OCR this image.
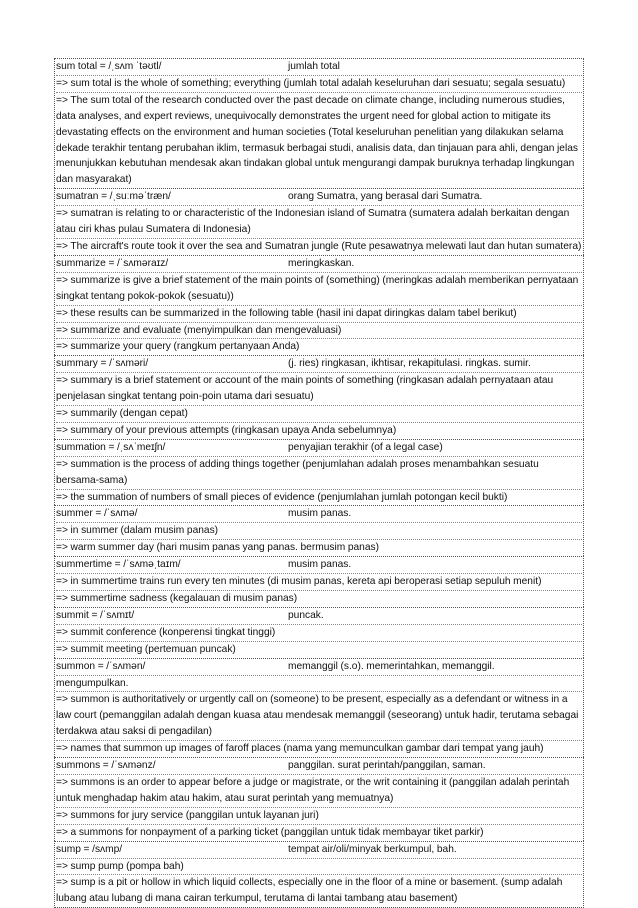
sum total = /ˌsʌm ˈtəʊtl/	jumlah total
=> sum total is the whole of something; everything (jumlah total adalah keseluruhan dari sesuatu; segala sesuatu)
=> The sum total of the research conducted over the past decade on climate change, including numerous studies, data analyses, and expert reviews, unequivocally demonstrates the urgent need for global action to mitigate its devastating effects on the environment and human societies (Total keseluruhan penelitian yang dilakukan selama dekade terakhir tentang perubahan iklim, termasuk berbagai studi, analisis data, dan tinjauan para ahli, dengan jelas menunjukkan kebutuhan mendesak akan tindakan global untuk mengurangi dampak buruknya terhadap lingkungan dan masyarakat)
sumatran = /ˌsuːməˈtræn/	orang Sumatra, yang berasal dari Sumatra.
=> sumatran is relating to or characteristic of the Indonesian island of Sumatra (sumatera adalah berkaitan dengan atau ciri khas pulau Sumatera di Indonesia)
=> The aircraft's route took it over the sea and Sumatran jungle (Rute pesawatnya melewati laut dan hutan sumatera)
summarize = /ˈsʌməraɪz/	meringkaskan.
=> summarize is give a brief statement of the main points of (something) (meringkas adalah memberikan pernyataan singkat tentang pokok-pokok (sesuatu))
=> these results can be summarized in the following table (hasil ini dapat diringkas dalam tabel berikut)
=> summarize and evaluate (menyimpulkan dan mengevaluasi)
=> summarize your query (rangkum pertanyaan Anda)
summary = /ˈsʌməri/	(j. ries) ringkasan, ikhtisar, rekapitulasi. ringkas. sumir.
=> summary is a brief statement or account of the main points of something (ringkasan adalah pernyataan atau penjelasan singkat tentang poin-poin utama dari sesuatu)
=> summarily (dengan cepat)
=> summary of your previous attempts (ringkasan upaya Anda sebelumnya)
summation = /ˌsʌˈmeɪʃn/	penyajian terakhir (of a legal case)
=> summation is the process of adding things together (penjumlahan adalah proses menambahkan sesuatu bersama-sama)
=> the summation of numbers of small pieces of evidence (penjumlahan jumlah potongan kecil bukti)
summer = /ˈsʌmə/	musim panas.
=> in summer (dalam musim panas)
=> warm summer day (hari musim panas yang panas. bermusim panas)
summertime = /ˈsʌməˌtaɪm/	musim panas.
=> in summertime trains run every ten minutes (di musim panas, kereta api beroperasi setiap sepuluh menit)
=> summertime sadness (kegalauan di musim panas)
summit = /ˈsʌmɪt/	puncak.
=> summit conference (konperensi tingkat tinggi)
=> summit meeting (pertemuan puncak)
summon = /ˈsʌmən/	memanggil (s.o). memerintahkan, memanggil.
mengumpulkan.
=> summon is authoritatively or urgently call on (someone) to be present, especially as a defendant or witness in a law court (pemanggilan adalah dengan kuasa atau mendesak memanggil (seseorang) untuk hadir, terutama sebagai terdakwa atau saksi di pengadilan)
=> names that summon up images of faroff places (nama yang memunculkan gambar dari tempat yang jauh)
summons = /ˈsʌmənz/	panggilan. surat perintah/panggilan, saman.
=> summons is an order to appear before a judge or magistrate, or the writ containing it (panggilan adalah perintah untuk menghadap hakim atau hakim, atau surat perintah yang memuatnya)
=> summons for jury service (panggilan untuk layanan juri)
=> a summons for nonpayment of a parking ticket (panggilan untuk tidak membayar tiket parkir)
sump = /sʌmp/	tempat air/oli/minyak berkumpul, bah.
=> sump pump (pompa bah)
=> sump is a pit or hollow in which liquid collects, especially one in the floor of a mine or basement. (sump adalah lubang atau lubang di mana cairan terkumpul, terutama di lantai tambang atau basement)
